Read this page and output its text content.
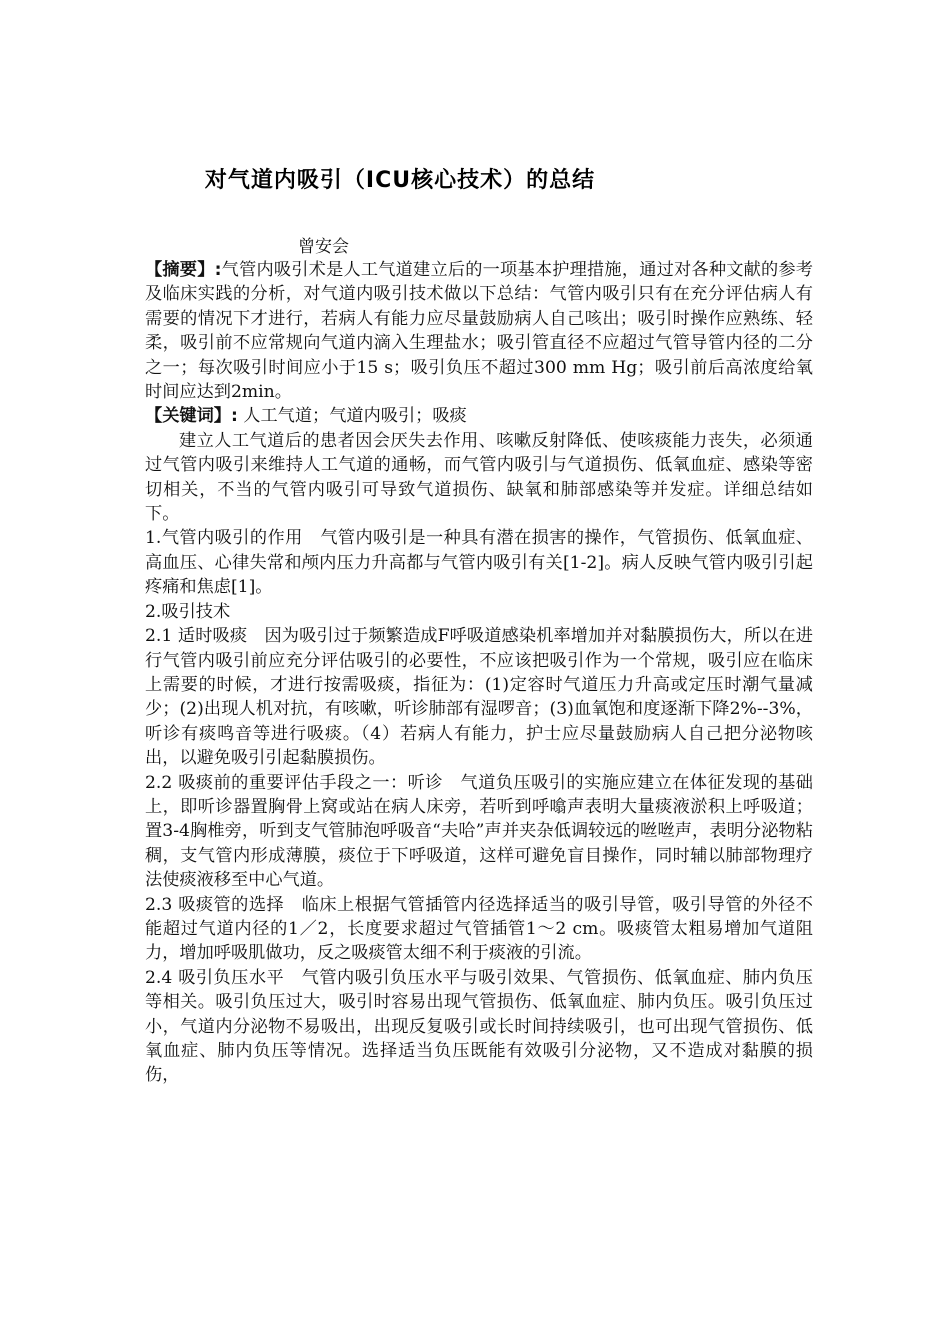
对气道内吸引（ICU核心技术）的总结
曾安会

【摘要】:气管内吸引术是人工气道建立后的一项基本护理措施，通过对各种文献的参考及临床实践的分析，对气道内吸引技术做以下总结：气管内吸引只有在充分评估病人有需要的情况下才进行，若病人有能力应尽量鼓励病人自己咳出；吸引时操作应熟练、轻柔，吸引前不应常规向气道内滴入生理盐水；吸引管直径不应超过气管导管内径的二分之一；每次吸引时间应小于15 s；吸引负压不超过300 mm Hg；吸引前后高浓度给氧时间应达到2min。

【关键词】: 人工气道；气道内吸引；吸痰

建立人工气道后的患者因会厌失去作用、咳嗽反射降低、使咳痰能力丧失，必须通过气管内吸引来维持人工气道的通畅，而气管内吸引与气道损伤、低氧血症、感染等密切相关，不当的气管内吸引可导致气道损伤、缺氧和肺部感染等并发症。详细总结如下。

1.气管内吸引的作用　气管内吸引是一种具有潜在损害的操作，气管损伤、低氧血症、高血压、心律失常和颅内压力升高都与气管内吸引有关[1-2]。病人反映气管内吸引引起疼痛和焦虑[1]。

2.吸引技术

2.1 适时吸痰　因为吸引过于频繁造成F呼吸道感染机率增加并对黏膜损伤大，所以在进行气管内吸引前应充分评估吸引的必要性，不应该把吸引作为一个常规，吸引应在临床上需要的时候，才进行按需吸痰，指征为：(1)定容时气道压力升高或定压时潮气量减少；(2)出现人机对抗，有咳嗽，听诊肺部有湿啰音；(3)血氧饱和度逐渐下降2%--3%，听诊有痰鸣音等进行吸痰。（4）若病人有能力，护士应尽量鼓励病人自己把分泌物咳出，以避免吸引引起黏膜损伤。

2.2 吸痰前的重要评估手段之一：听诊　气道负压吸引的实施应建立在体征发现的基础上，即听诊器置胸骨上窝或站在病人床旁，若听到呼噏声表明大量痰液淤积上呼吸道；置3-4胸椎旁，听到支气管肺泡呼吸音“夫哈”声并夹杂低调较远的咝咝声，表明分泌物粘稠，支气管内形成薄膜，痰位于下呼吸道，这样可避免盲目操作，同时辅以肺部物理疗法使痰液移至中心气道。

2.3 吸痰管的选择　临床上根据气管插管内径选择适当的吸引导管，吸引导管的外径不能超过气道内径的1／2，长度要求超过气管插管1～2 cm。吸痰管太粗易增加气道阻力，增加呼吸肌做功，反之吸痰管太细不利于痰液的引流。

2.4 吸引负压水平　气管内吸引负压水平与吸引效果、气管损伤、低氧血症、肺内负压等相关。吸引负压过大，吸引时容易出现气管损伤、低氧血症、肺内负压。吸引负压过小，气道内分泌物不易吸出，出现反复吸引或长时间持续吸引，也可出现气管损伤、低氧血症、肺内负压等情况。选择适当负压既能有效吸引分泌物，又不造成对黏膜的损伤，
